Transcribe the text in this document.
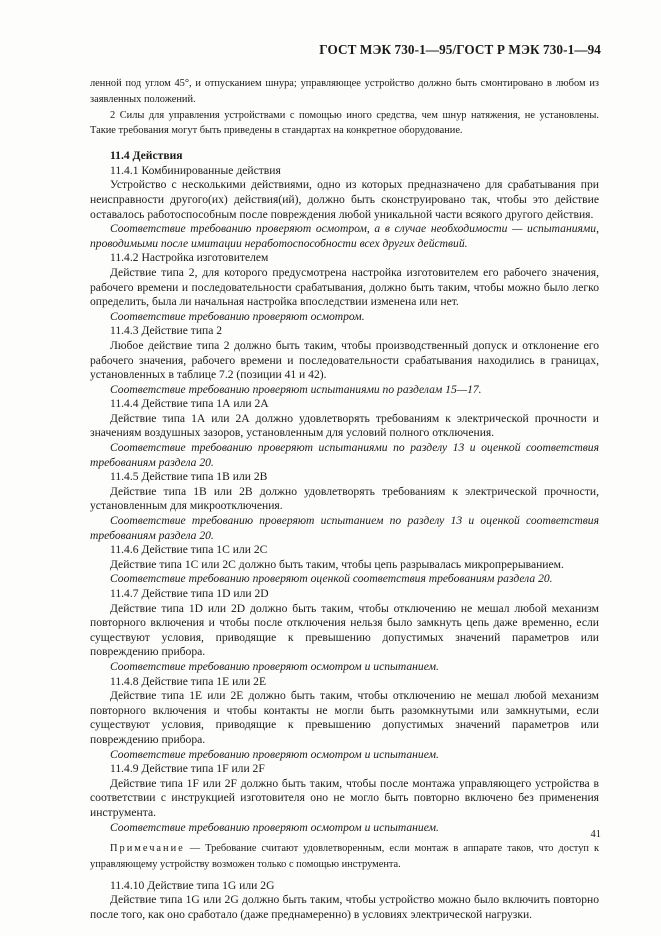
ГОСТ МЭК 730-1—95/ГОСТ Р МЭК 730-1—94

ленной под углом 45°, и отпусканием шнура; управляющее устройство должно быть смонтировано в любом из заявленных положений.

2 Силы для управления устройствами с помощью иного средства, чем шнур натяжения, не установлены. Такие требования могут быть приведены в стандартах на конкретное оборудование.

11.4 Действия

11.4.1 Комбинированные действия

Устройство с несколькими действиями, одно из которых предназначено для срабатывания при неисправности другого(их) действия(ий), должно быть сконструировано так, чтобы это действие оставалось работоспособным после повреждения любой уникальной части всякого другого действия.

Соответствие требованию проверяют осмотром, а в случае необходимости — испытаниями, проводимыми после имитации неработоспособности всех других действий.

11.4.2 Настройка изготовителем

Действие типа 2, для которого предусмотрена настройка изготовителем его рабочего значения, рабочего времени и последовательности срабатывания, должно быть таким, чтобы можно было легко определить, была ли начальная настройка впоследствии изменена или нет.

Соответствие требованию проверяют осмотром.

11.4.3 Действие типа 2

Любое действие типа 2 должно быть таким, чтобы производственный допуск и отклонение его рабочего значения, рабочего времени и последовательности срабатывания находились в границах, установленных в таблице 7.2 (позиции 41 и 42).

Соответствие требованию проверяют испытаниями по разделам 15—17.

11.4.4 Действие типа 1А или 2А

Действие типа 1А или 2А должно удовлетворять требованиям к электрической прочности и значениям воздушных зазоров, установленным для условий полного отключения.

Соответствие требованию проверяют испытаниями по разделу 13 и оценкой соответствия требованиям раздела 20.

11.4.5 Действие типа 1В или 2В

Действие типа 1В или 2В должно удовлетворять требованиям к электрической прочности, установленным для микроотключения.

Соответствие требованию проверяют испытанием по разделу 13 и оценкой соответствия требованиям раздела 20.

11.4.6 Действие типа 1С или 2С

Действие типа 1С или 2С должно быть таким, чтобы цепь разрывалась микропрерыванием.

Соответствие требованию проверяют оценкой соответствия требованиям раздела 20.

11.4.7 Действие типа 1D или 2D

Действие типа 1D или 2D должно быть таким, чтобы отключению не мешал любой механизм повторного включения и чтобы после отключения нельзя было замкнуть цепь даже временно, если существуют условия, приводящие к превышению допустимых значений параметров или повреждению прибора.

Соответствие требованию проверяют осмотром и испытанием.

11.4.8 Действие типа 1Е или 2Е

Действие типа 1Е или 2Е должно быть таким, чтобы отключению не мешал любой механизм повторного включения и чтобы контакты не могли быть разомкнутыми или замкнутыми, если существуют условия, приводящие к превышению допустимых значений параметров или повреждению прибора.

Соответствие требованию проверяют осмотром и испытанием.

11.4.9 Действие типа 1F или 2F

Действие типа 1F или 2F должно быть таким, чтобы после монтажа управляющего устройства в соответствии с инструкцией изготовителя оно не могло быть повторно включено без применения инструмента.

Соответствие требованию проверяют осмотром и испытанием.

Примечание — Требование считают удовлетворенным, если монтаж в аппарате таков, что доступ к управляющему устройству возможен только с помощью инструмента.

11.4.10 Действие типа 1G или 2G

Действие типа 1G или 2G должно быть таким, чтобы устройство можно было включить повторно после того, как оно сработало (даже преднамеренно) в условиях электрической нагрузки.

41
